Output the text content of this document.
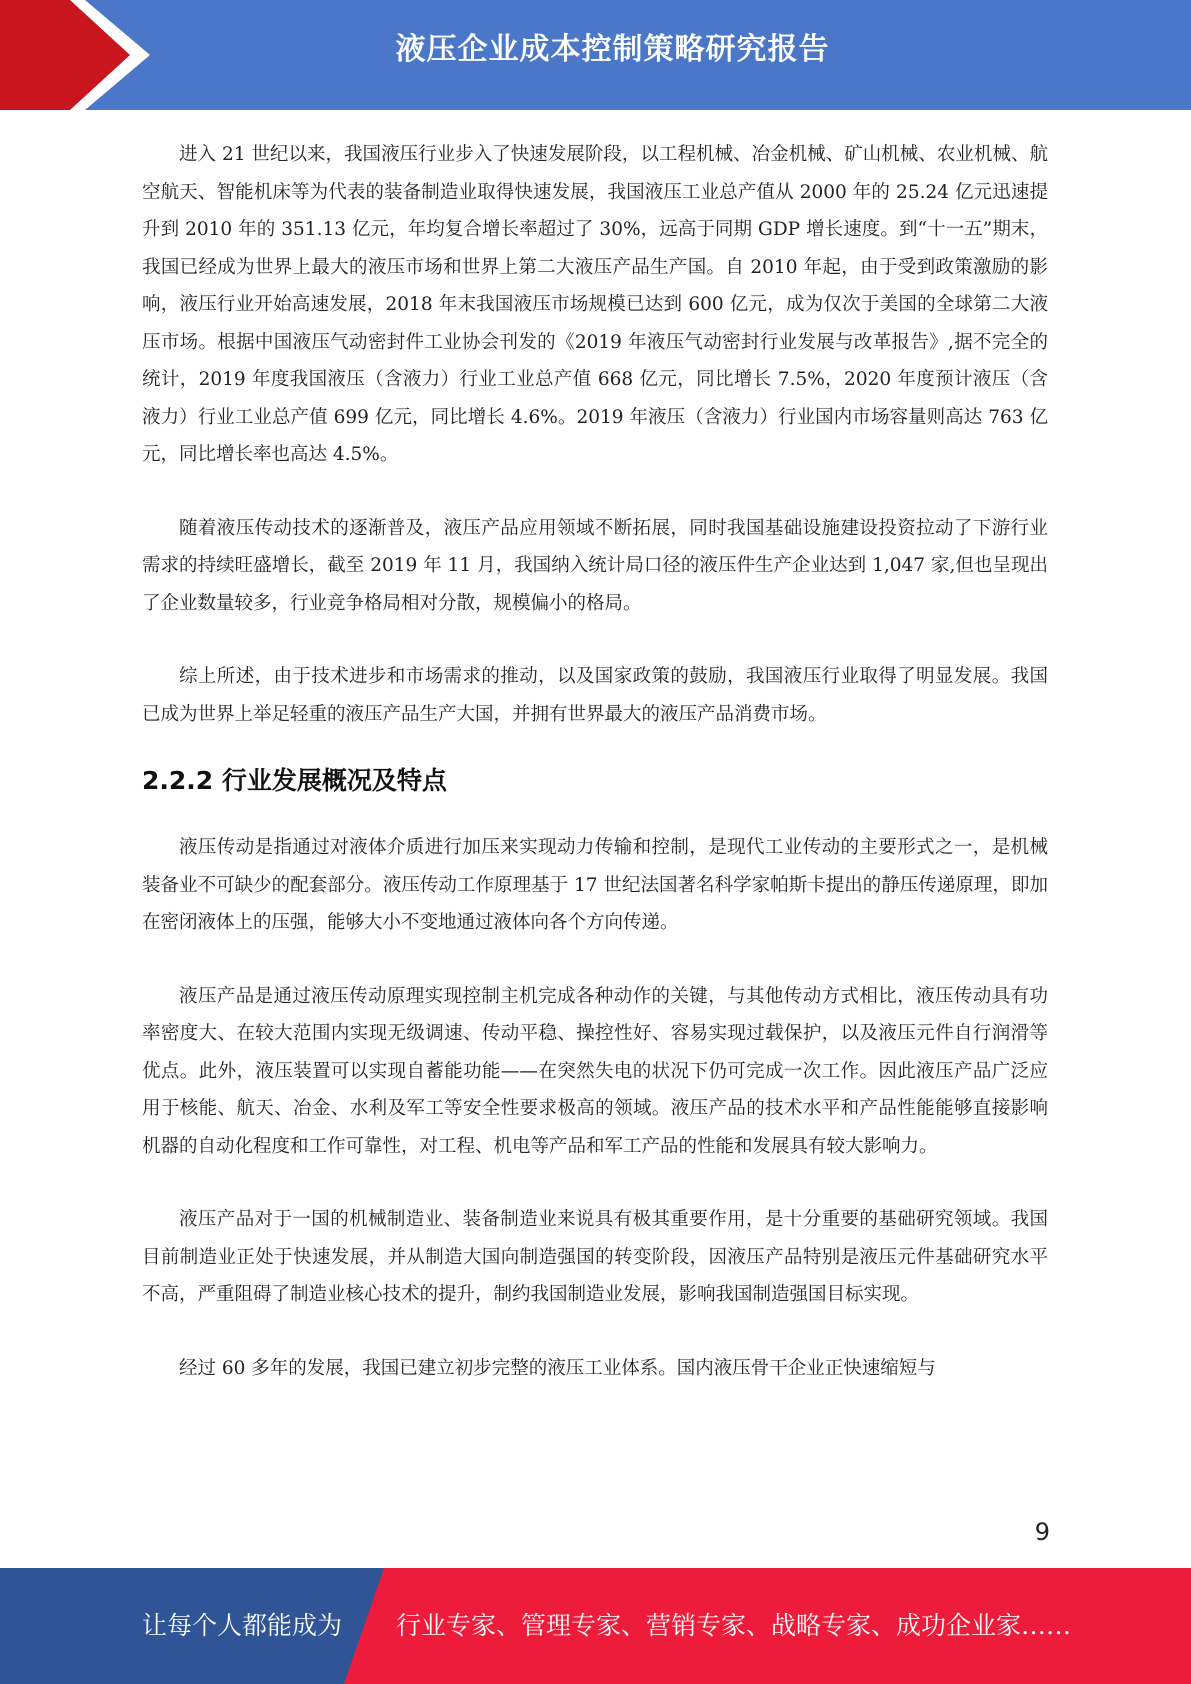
液压企业成本控制策略研究报告

进入 21 世纪以来，我国液压行业步入了快速发展阶段，以工程机械、冶金机械、矿山机械、农业机械、航空航天、智能机床等为代表的装备制造业取得快速发展，我国液压工业总产值从 2000 年的 25.24 亿元迅速提升到 2010 年的 351.13 亿元，年均复合增长率超过了 30%，远高于同期 GDP 增长速度。到“十一五”期末，我国已经成为世界上最大的液压市场和世界上第二大液压产品生产国。自 2010 年起，由于受到政策激励的影响，液压行业开始高速发展，2018 年末我国液压市场规模已达到 600 亿元，成为仅次于美国的全球第二大液压市场。根据中国液压气动密封件工业协会刊发的《2019 年液压气动密封行业发展与改革报告》,据不完全的统计，2019 年度我国液压（含液力）行业工业总产值 668 亿元，同比增长 7.5%，2020 年度预计液压（含液力）行业工业总产值 699 亿元，同比增长 4.6%。2019 年液压（含液力）行业国内市场容量则高达 763 亿元，同比增长率也高达 4.5%。

随着液压传动技术的逐渐普及，液压产品应用领域不断拓展，同时我国基础设施建设投资拉动了下游行业需求的持续旺盛增长，截至 2019 年 11 月，我国纳入统计局口径的液压件生产企业达到 1,047 家,但也呈现出了企业数量较多，行业竞争格局相对分散，规模偏小的格局。

综上所述，由于技术进步和市场需求的推动，以及国家政策的鼓励，我国液压行业取得了明显发展。我国已成为世界上举足轻重的液压产品生产大国，并拥有世界最大的液压产品消费市场。

2.2.2 行业发展概况及特点

液压传动是指通过对液体介质进行加压来实现动力传输和控制，是现代工业传动的主要形式之一，是机械装备业不可缺少的配套部分。液压传动工作原理基于 17 世纪法国著名科学家帕斯卡提出的静压传递原理，即加在密闭液体上的压强，能够大小不变地通过液体向各个方向传递。

液压产品是通过液压传动原理实现控制主机完成各种动作的关键，与其他传动方式相比，液压传动具有功率密度大、在较大范围内实现无级调速、传动平稳、操控性好、容易实现过载保护，以及液压元件自行润滑等优点。此外，液压装置可以实现自蓄能功能——在突然失电的状况下仍可完成一次工作。因此液压产品广泛应用于核能、航天、冶金、水利及军工等安全性要求极高的领域。液压产品的技术水平和产品性能能够直接影响机器的自动化程度和工作可靠性，对工程、机电等产品和军工产品的性能和发展具有较大影响力。

液压产品对于一国的机械制造业、装备制造业来说具有极其重要作用，是十分重要的基础研究领域。我国目前制造业正处于快速发展，并从制造大国向制造强国的转变阶段，因液压产品特别是液压元件基础研究水平不高，严重阻碍了制造业核心技术的提升，制约我国制造业发展，影响我国制造强国目标实现。

经过 60 多年的发展，我国已建立初步完整的液压工业体系。国内液压骨干企业正快速缩短与

9
让每个人都能成为 行业专家、管理专家、营销专家、战略专家、成功企业家……
